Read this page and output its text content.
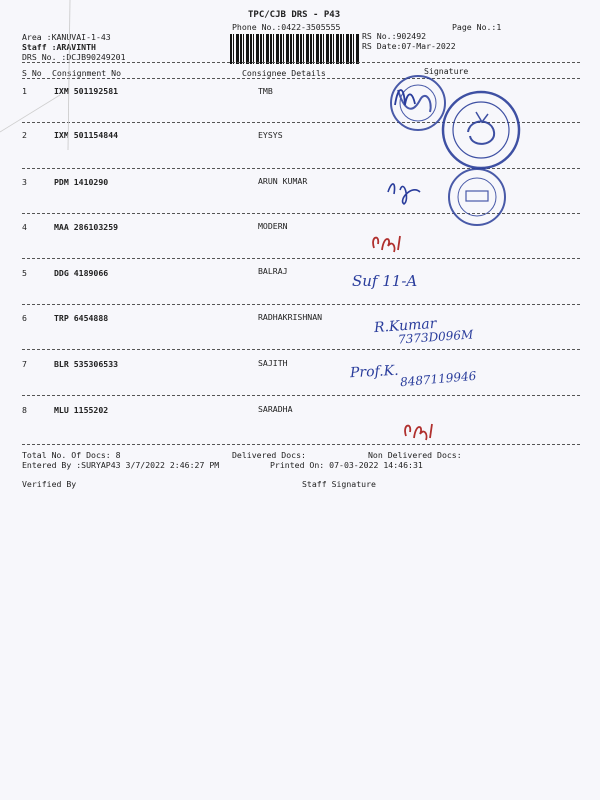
TPC/CJB DRS - P43
Phone No.:0422-3505555	Page No.:1
Area :KANUVAI-1-43
Staff :ARAVINTH
DRS No. :DCJB90249201
RS No.:902492
RS Date:07-Mar-2022
S No Consignment No	Consignee Details	Signature
1	IXM 501192581	TMB
2	IXM 501154844	EYSYS
3	PDM 1410290	ARUN KUMAR
4	MAA 286103259	MODERN
5	DDG 4189066	BALRAJ
6	TRP 6454888	RADHAKRISHNAN
7	BLR 535306533	SAJITH
8	MLU 1155202	SARADHA
Total No. Of Docs: 8	Delivered Docs:	Non Delivered Docs:
Entered By :SURYAP43 3/7/2022 2:46:27 PM	Printed On: 07-03-2022 14:46:31
Verified By	Staff Signature
Suf 11-A
R.Kumar
7373D096M
Prof.K. 8487119946
